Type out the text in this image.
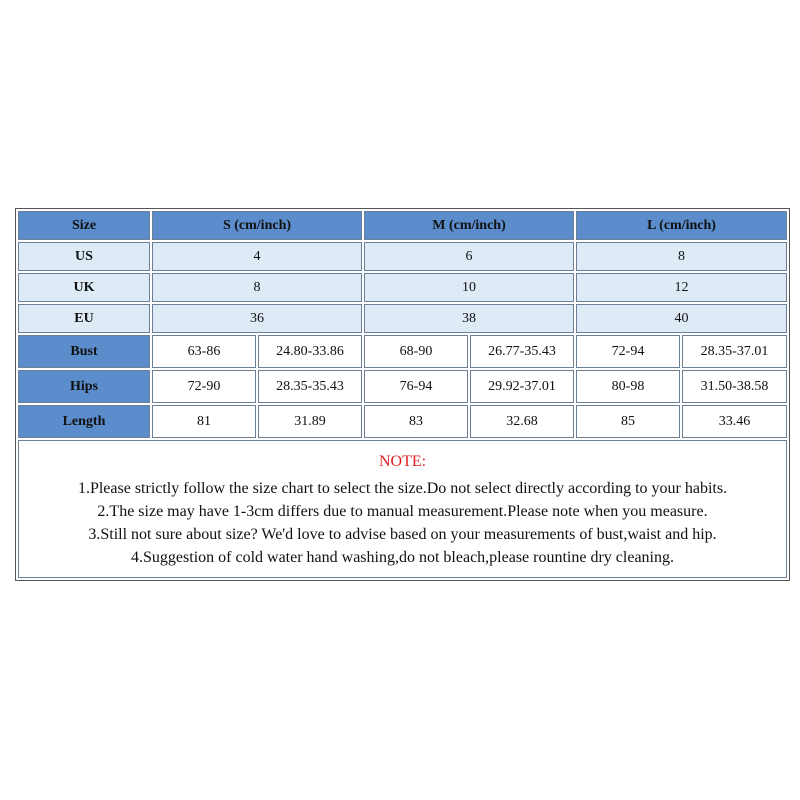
Size	S (cm/inch)		M (cm/inch)		L (cm/inch)	
US	4		6		8	
UK	8		10		12	
EU	36		38		40	
Bust	63-86	24.80-33.86	68-90	26.77-35.43	72-94	28.35-37.01
Hips	72-90	28.35-35.43	76-94	29.92-37.01	80-98	31.50-38.58
Length	81	31.89	83	32.68	85	33.46

NOTE:
1.Please strictly follow the size chart to select the size.Do not select directly according to your habits.
2.The size may have 1-3cm differs due to manual measurement.Please note when you measure.
3.Still not sure about size? We'd love to advise based on your measurements of bust,waist and hip.
4.Suggestion of cold water hand washing,do not bleach,please rountine dry cleaning.						
